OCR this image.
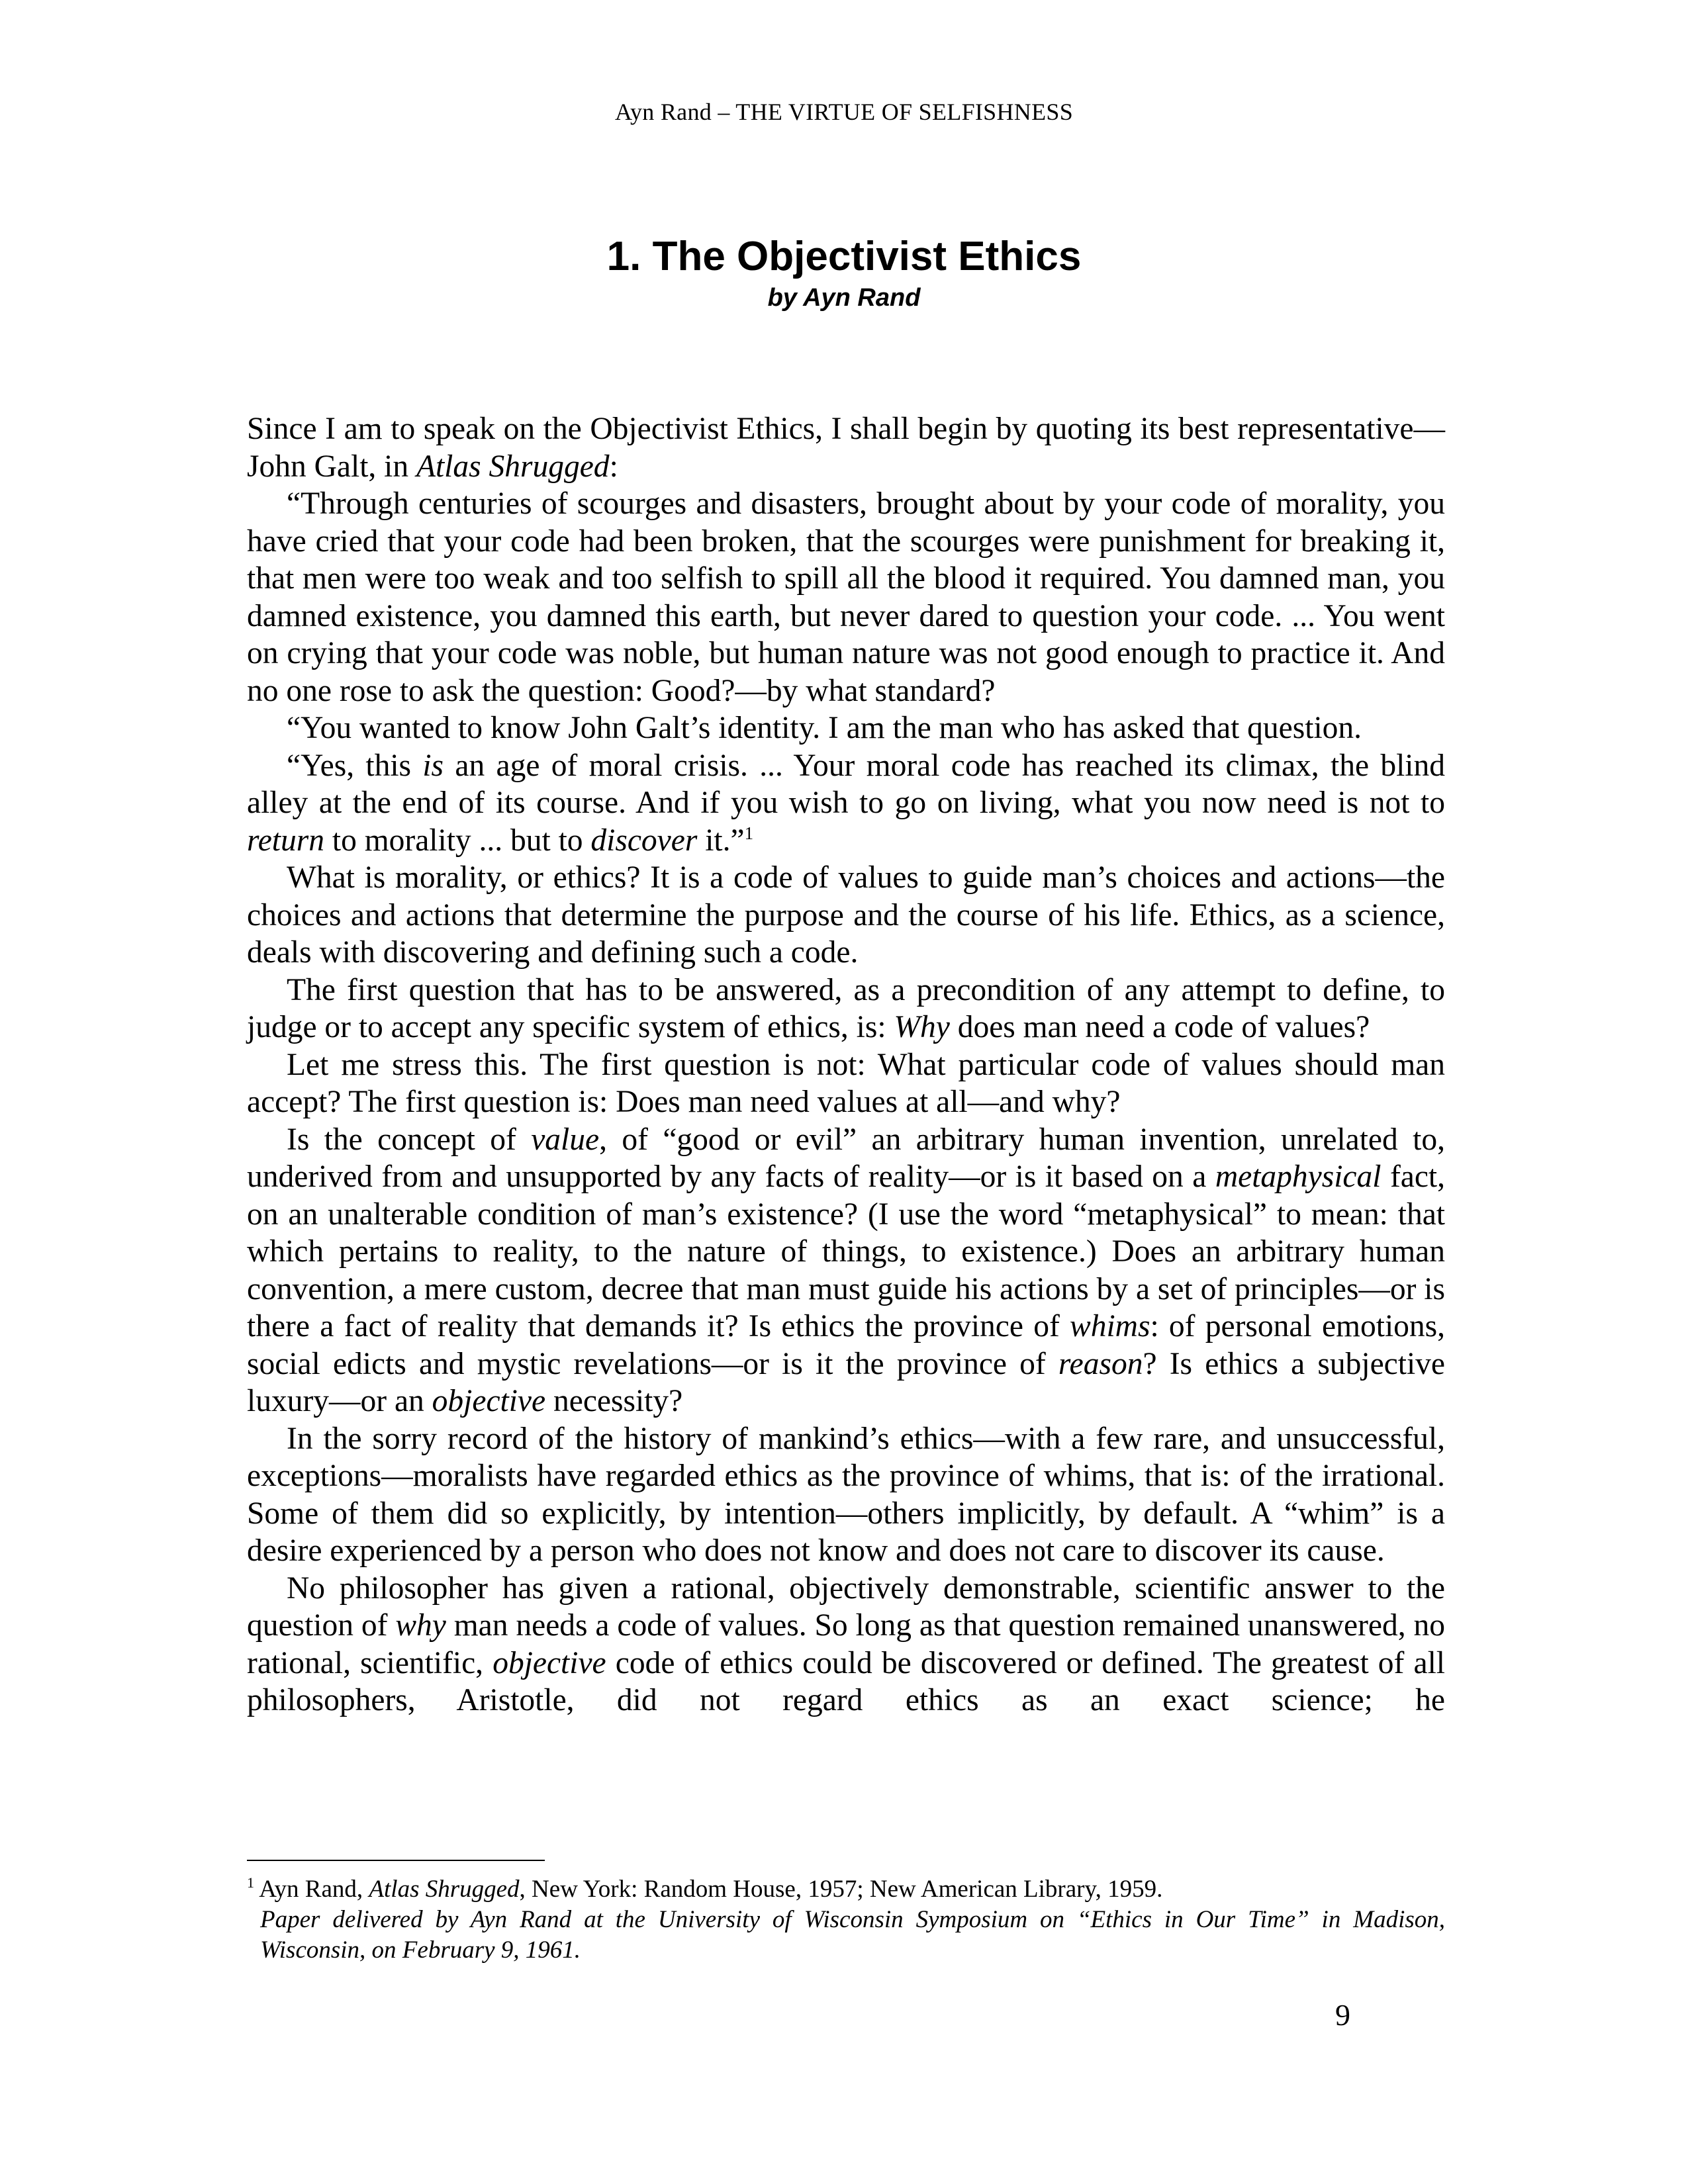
Ayn Rand – THE VIRTUE OF SELFISHNESS
1. The Objectivist Ethics
by Ayn Rand

Since I am to speak on the Objectivist Ethics, I shall begin by quoting its best representative—John Galt, in Atlas Shrugged:

“Through centuries of scourges and disasters, brought about by your code of morality, you have cried that your code had been broken, that the scourges were punishment for breaking it, that men were too weak and too selfish to spill all the blood it required. You damned man, you damned existence, you damned this earth, but never dared to question your code. ... You went on crying that your code was noble, but human nature was not good enough to practice it. And no one rose to ask the question: Good?—by what standard?

“You wanted to know John Galt’s identity. I am the man who has asked that question.

“Yes, this is an age of moral crisis. ... Your moral code has reached its climax, the blind alley at the end of its course. And if you wish to go on living, what you now need is not to return to morality ... but to discover it.”$^1$

What is morality, or ethics? It is a code of values to guide man’s choices and actions—the choices and actions that determine the purpose and the course of his life. Ethics, as a science, deals with discovering and defining such a code.

The first question that has to be answered, as a precondition of any attempt to define, to judge or to accept any specific system of ethics, is: Why does man need a code of values?

Let me stress this. The first question is not: What particular code of values should man accept? The first question is: Does man need values at all—and why?

Is the concept of value, of “good or evil” an arbitrary human invention, unrelated to, underived from and unsupported by any facts of reality—or is it based on a metaphysical fact, on an unalterable condition of man’s existence? (I use the word “metaphysical” to mean: that which pertains to reality, to the nature of things, to existence.) Does an arbitrary human convention, a mere custom, decree that man must guide his actions by a set of principles—or is there a fact of reality that demands it? Is ethics the province of whims: of personal emotions, social edicts and mystic revelations—or is it the province of reason? Is ethics a subjective luxury—or an objective necessity?

In the sorry record of the history of mankind’s ethics—with a few rare, and unsuccessful, exceptions—moralists have regarded ethics as the province of whims, that is: of the irrational. Some of them did so explicitly, by intention—others implicitly, by default. A “whim” is a desire experienced by a person who does not know and does not care to discover its cause.

No philosopher has given a rational, objectively demonstrable, scientific answer to the question of why man needs a code of values. So long as that question remained unanswered, no rational, scientific, objective code of ethics could be discovered or defined. The greatest of all philosophers, Aristotle, did not regard ethics as an exact science; he

$^1$ Ayn Rand, Atlas Shrugged, New York: Random House, 1957; New American Library, 1959.

Paper delivered by Ayn Rand at the University of Wisconsin Symposium on “Ethics in Our Time” in Madison, Wisconsin, on February 9, 1961.

9
